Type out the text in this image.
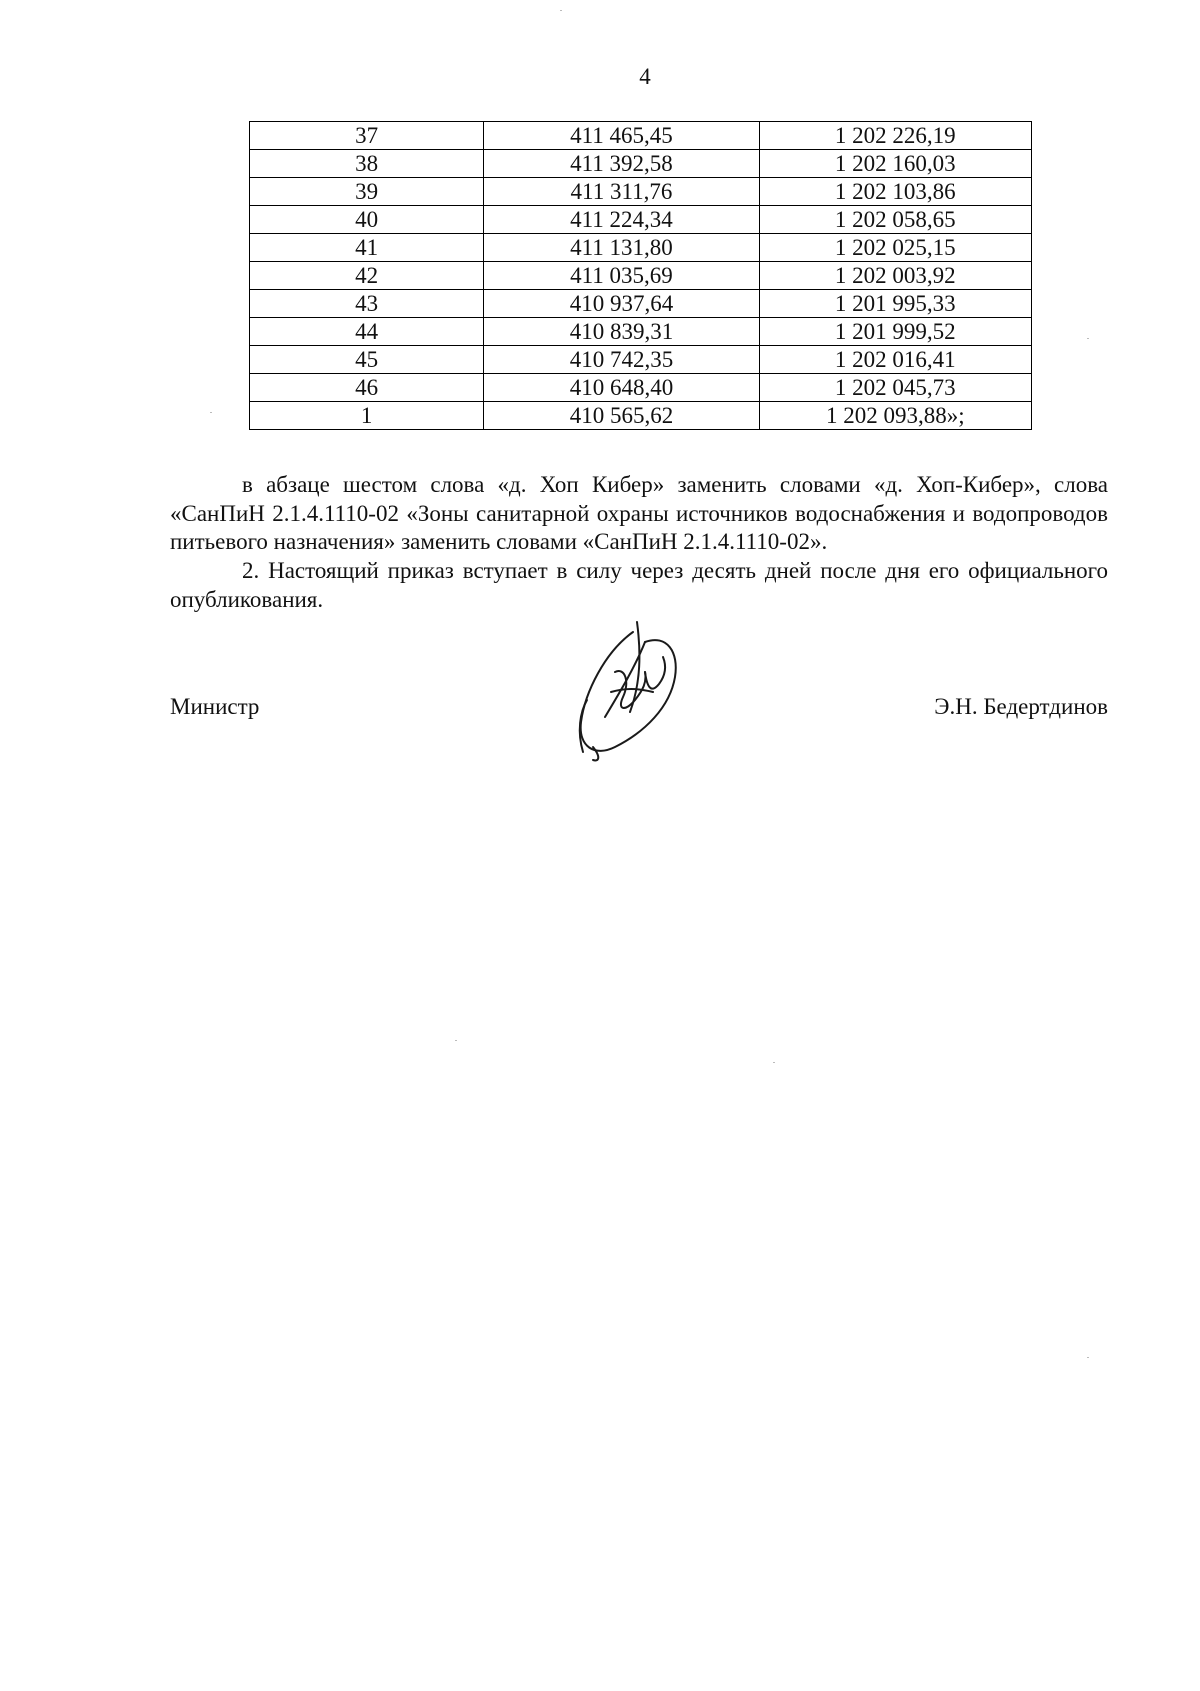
4
37	411 465,45	1 202 226,19
38	411 392,58	1 202 160,03
39	411 311,76	1 202 103,86
40	411 224,34	1 202 058,65
41	411 131,80	1 202 025,15
42	411 035,69	1 202 003,92
43	410 937,64	1 201 995,33
44	410 839,31	1 201 999,52
45	410 742,35	1 202 016,41
46	410 648,40	1 202 045,73
1	410 565,62	1 202 093,88»;
в абзаце шестом слова «д. Хоп Кибер» заменить словами «д. Хоп-Кибер», слова «СанПиН 2.1.4.1110-02 «Зоны санитарной охраны источников водоснабжения и водопроводов питьевого назначения» заменить словами «СанПиН 2.1.4.1110-02».
2. Настоящий приказ вступает в силу через десять дней после дня его официального опубликования.
Министр	Э.Н. Бедертдинов
